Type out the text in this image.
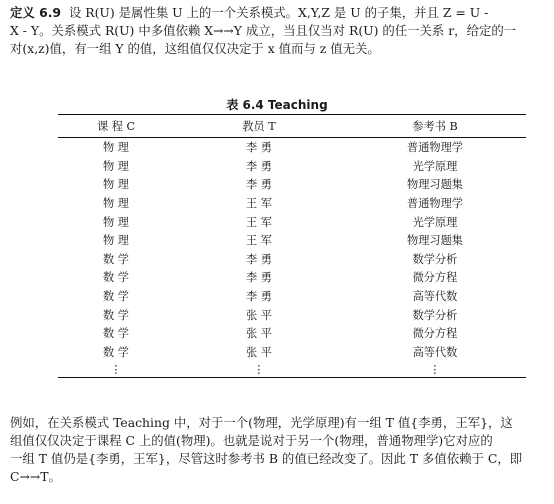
定义 6.9 设 R(U) 是属性集 U 上的一个关系模式。X,Y,Z 是 U 的子集，并且 Z = U -
X - Y。关系模式 R(U) 中多值依赖 X→→Y 成立，当且仅当对 R(U) 的任一关系 r，给定的一
对(x,z)值，有一组 Y 的值，这组值仅仅决定于 x 值而与 z 值无关。
表 6.4 Teaching
课 程 C	教员 T	参考书 B
物 理	李 勇	普通物理学
物 理	李 勇	光学原理
物 理	李 勇	物理习题集
物 理	王 军	普通物理学
物 理	王 军	光学原理
物 理	王 军	物理习题集
数 学	李 勇	数学分析
数 学	李 勇	微分方程
数 学	李 勇	高等代数
数 学	张 平	数学分析
数 学	张 平	微分方程
数 学	张 平	高等代数
⋮	⋮	⋮
例如，在关系模式 Teaching 中，对于一个(物理，光学原理)有一组 T 值{李勇，王军}，这
组值仅仅决定于课程 C 上的值(物理)。也就是说对于另一个(物理，普通物理学)它对应的
一组 T 值仍是{李勇，王军}，尽管这时参考书 B 的值已经改变了。因此 T 多值依赖于 C，即
C→→T。
